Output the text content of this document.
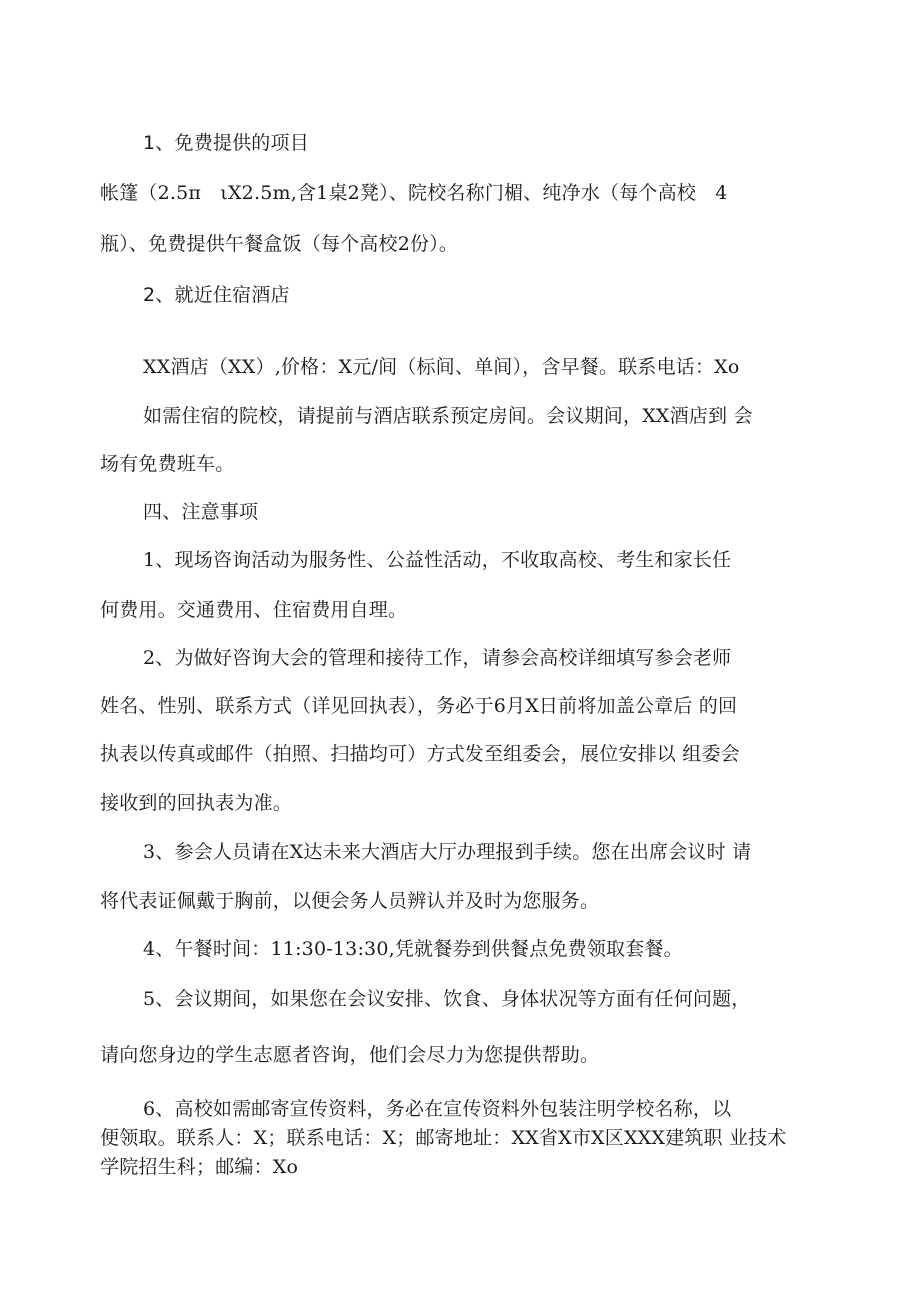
1、免费提供的项目
帐篷（2.5π　ιX2.5m,含1桌2凳）、院校名称门楣、纯净水（每个高校　4
瓶）、免费提供午餐盒饭（每个高校2份）。
2、就近住宿酒店
XX酒店（XX）,价格：X元/间（标间、单间），含早餐。联系电话：Xo
如需住宿的院校，请提前与酒店联系预定房间。会议期间，XX酒店到 会
场有免费班车。
四、注意事项
1、现场咨询活动为服务性、公益性活动，不收取高校、考生和家长任
何费用。交通费用、住宿费用自理。
2、为做好咨询大会的管理和接待工作，请参会高校详细填写参会老师
姓名、性别、联系方式（详见回执表），务必于6月X日前将加盖公章后 的回
执表以传真或邮件（拍照、扫描均可）方式发至组委会，展位安排以 组委会
接收到的回执表为准。
3、参会人员请在X达未来大酒店大厅办理报到手续。您在出席会议时 请
将代表证佩戴于胸前，以便会务人员辨认并及时为您服务。
4、午餐时间：11:30-13:30,凭就餐券到供餐点免费领取套餐。
5、会议期间，如果您在会议安排、饮食、身体状况等方面有任何问题，
请向您身边的学生志愿者咨询，他们会尽力为您提供帮助。
6、高校如需邮寄宣传资料，务必在宣传资料外包装注明学校名称，以
便领取。联系人：X；联系电话：X；邮寄地址：XX省X市X区XXX建筑职 业技术
学院招生科；邮编：Xo
